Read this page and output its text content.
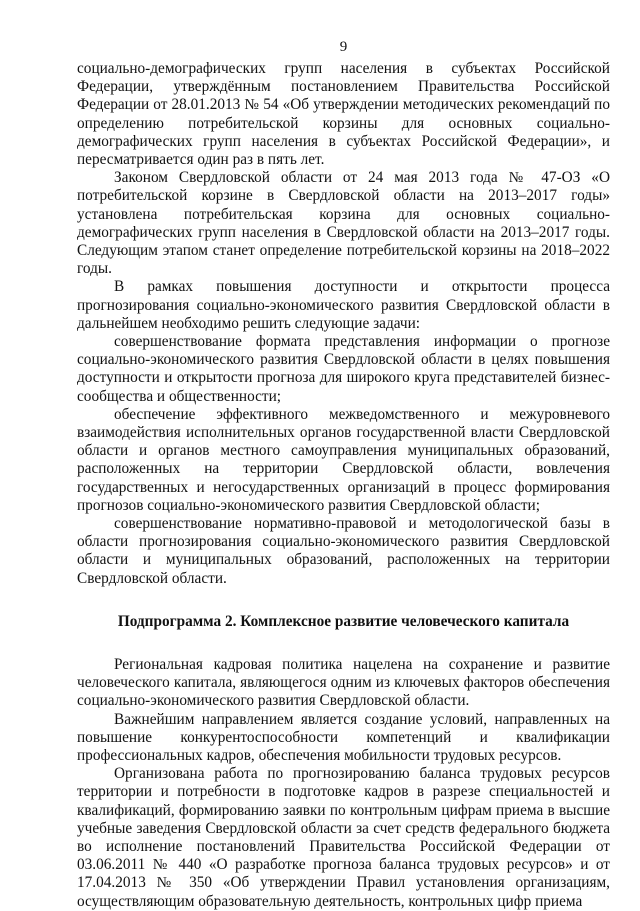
9

социально-демографических групп населения в субъектах Российской Федерации, утверждённым постановлением Правительства Российской Федерации от 28.01.2013 № 54 «Об утверждении методических рекомендаций по определению потребительской корзины для основных социально-демографических групп населения в субъектах Российской Федерации», и пересматривается один раз в пять лет.

Законом Свердловской области от 24 мая 2013 года № 47-ОЗ «О потребительской корзине в Свердловской области на 2013–2017 годы» установлена потребительская корзина для основных социально-демографических групп населения в Свердловской области на 2013–2017 годы. Следующим этапом станет определение потребительской корзины на 2018–2022 годы.

В рамках повышения доступности и открытости процесса прогнозирования социально-экономического развития Свердловской области в дальнейшем необходимо решить следующие задачи:

совершенствование формата представления информации о прогнозе социально-экономического развития Свердловской области в целях повышения доступности и открытости прогноза для широкого круга представителей бизнес-сообщества и общественности;

обеспечение эффективного межведомственного и межуровневого взаимодействия исполнительных органов государственной власти Свердловской области и органов местного самоуправления муниципальных образований, расположенных на территории Свердловской области, вовлечения государственных и негосударственных организаций в процесс формирования прогнозов социально-экономического развития Свердловской области;

совершенствование нормативно-правовой и методологической базы в области прогнозирования социально-экономического развития Свердловской области и муниципальных образований, расположенных на территории Свердловской области.

Подпрограмма 2. Комплексное развитие человеческого капитала

Региональная кадровая политика нацелена на сохранение и развитие человеческого капитала, являющегося одним из ключевых факторов обеспечения социально-экономического развития Свердловской области.

Важнейшим направлением является создание условий, направленных на повышение конкурентоспособности компетенций и квалификации профессиональных кадров, обеспечения мобильности трудовых ресурсов.

Организована работа по прогнозированию баланса трудовых ресурсов территории и потребности в подготовке кадров в разрезе специальностей и квалификаций, формированию заявки по контрольным цифрам приема в высшие учебные заведения Свердловской области за счет средств федерального бюджета во исполнение постановлений Правительства Российской Федерации от 03.06.2011 № 440 «О разработке прогноза баланса трудовых ресурсов» и от 17.04.2013 № 350 «Об утверждении Правил установления организациям, осуществляющим образовательную деятельность, контрольных цифр приема
